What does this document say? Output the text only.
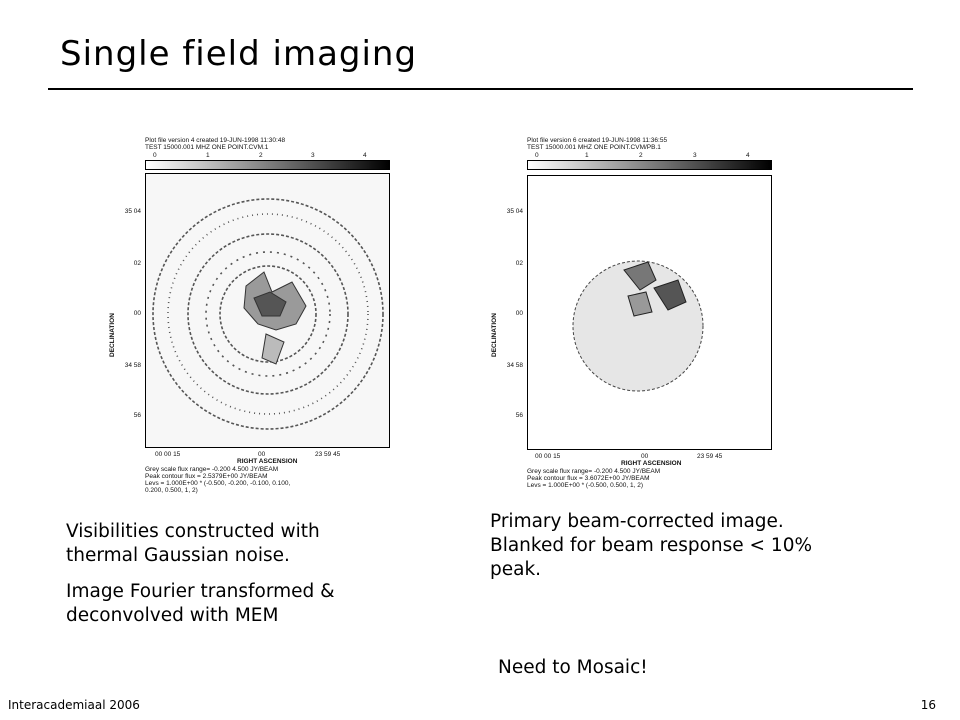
Single field imaging
Plot file version 4 created 19-JUN-1998 11:30:48
TEST 15000.001 MHZ ONE POINT.CVM.1
0	1	2	3	4
35 04
02
00
34 58
56
DECLINATION
00 00 15	00	23 59 45
RIGHT ASCENSION
Grey scale flux range= -0.200 4.500 JY/BEAM
Peak contour flux = 2.5379E+00 JY/BEAM
Levs = 1.000E+00 * (-0.500, -0.200, -0.100, 0.100,
0.200, 0.500, 1, 2)
Plot file version 6 created 19-JUN-1998 11:36:55
TEST 15000.001 MHZ ONE POINT.CVM/PB.1
0	1	2	3	4
35 04
02
00
34 58
56
DECLINATION
00 00 15	00	23 59 45
RIGHT ASCENSION
Grey scale flux range= -0.200 4.500 JY/BEAM
Peak contour flux = 3.6072E+00 JY/BEAM
Levs = 1.000E+00 * (-0.500, 0.500, 1, 2)

Visibilities constructed with thermal Gaussian noise.

Image Fourier transformed & deconvolved with MEM

Primary beam-corrected image. Blanked for beam response < 10% peak.

Need to Mosaic!
Interacademiaal 2006	16
